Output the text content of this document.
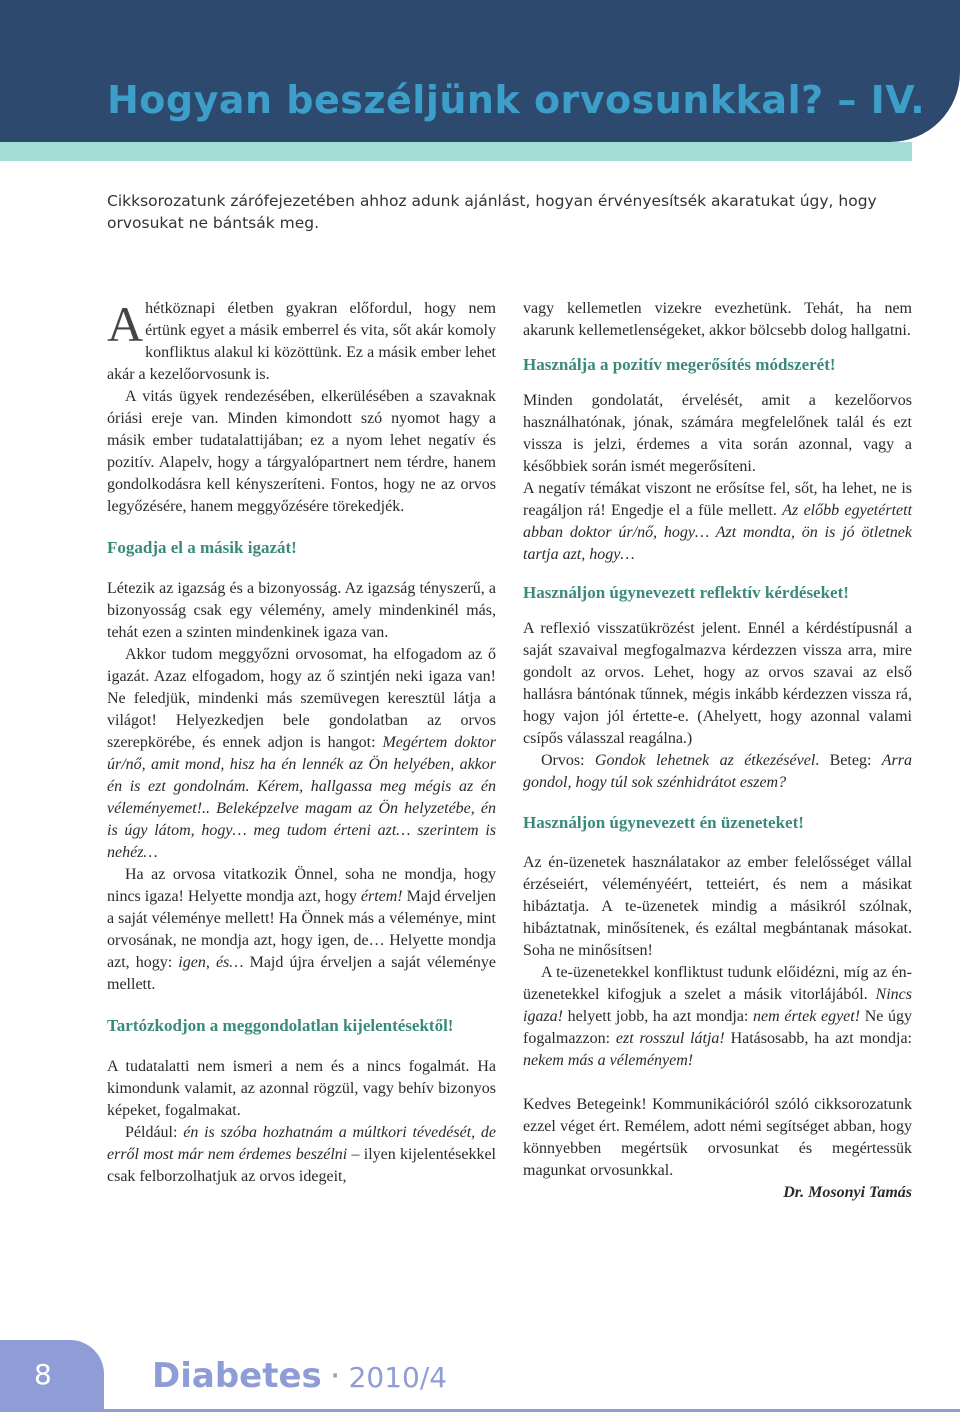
Hogyan beszéljünk orvosunkkal? – IV.

Cikksorozatunk zárófejezetében ahhoz adunk ajánlást, hogyan érvényesítsék akaratukat úgy, hogy orvosukat ne bántsák meg.

Ahétköznapi életben gyakran előfordul, hogy nem értünk egyet a másik emberrel és vita, sőt akár komoly konfliktus alakul ki közöttünk. Ez a másik ember lehet akár a kezelőorvosunk is.

A vitás ügyek rendezésében, elkerülésében a szavaknak óriási ereje van. Minden kimondott szó nyomot hagy a másik ember tudatalattijában; ez a nyom lehet negatív és pozitív. Alapelv, hogy a tárgyalópartnert nem térdre, hanem gondolkodásra kell kényszeríteni. Fontos, hogy ne az orvos legyőzésére, hanem meggyőzésére törekedjék.

Fogadja el a másik igazát!

Létezik az igazság és a bizonyosság. Az igazság tényszerű, a bizonyosság csak egy vélemény, amely mindenkinél más, tehát ezen a szinten mindenkinek igaza van.

Akkor tudom meggyőzni orvosomat, ha elfogadom az ő igazát. Azaz elfogadom, hogy az ő szintjén neki igaza van! Ne feledjük, mindenki más szemüvegen keresztül látja a világot! Helyezkedjen bele gondolatban az orvos szerepkörébe, és ennek adjon is hangot: Megértem doktor úr/nő, amit mond, hisz ha én lennék az Ön helyében, akkor én is ezt gondolnám. Kérem, hallgassa meg mégis az én véleményemet!.. Beleképzelve magam az Ön helyzetébe, én is úgy látom, hogy… meg tudom érteni azt… szerintem is nehéz…

Ha az orvosa vitatkozik Önnel, soha ne mondja, hogy nincs igaza! Helyette mondja azt, hogy értem! Majd érveljen a saját véleménye mellett! Ha Önnek más a véleménye, mint orvosának, ne mondja azt, hogy igen, de… Helyette mondja azt, hogy: igen, és… Majd újra érveljen a saját véleménye mellett.

Tartózkodjon a meggondolatlan kijelentésektől!

A tudatalatti nem ismeri a nem és a nincs fogalmát. Ha kimondunk valamit, az azonnal rögzül, vagy behív bizonyos képeket, fogalmakat.

Például: én is szóba hozhatnám a múltkori tévedését, de erről most már nem érdemes beszélni – ilyen kijelentésekkel csak felborzolhatjuk az orvos idegeit,

vagy kellemetlen vizekre evezhetünk. Tehát, ha nem akarunk kellemetlenségeket, akkor bölcsebb dolog hallgatni.

Használja a pozitív megerősítés módszerét!

Minden gondolatát, érvelését, amit a kezelőorvos használhatónak, jónak, számára megfelelőnek talál és ezt vissza is jelzi, érdemes a vita során azonnal, vagy a későbbiek során ismét megerősíteni.

A negatív témákat viszont ne erősítse fel, sőt, ha lehet, ne is reagáljon rá! Engedje el a füle mellett. Az előbb egyetértett abban doktor úr/nő, hogy… Azt mondta, ön is jó ötletnek tartja azt, hogy…

Használjon úgynevezett reflektív kérdéseket!

A reflexió visszatükrözést jelent. Ennél a kérdéstípusnál a saját szavaival megfogalmazva kérdezzen vissza arra, mire gondolt az orvos. Lehet, hogy az orvos szavai az első hallásra bántónak tűnnek, mégis inkább kérdezzen vissza rá, hogy vajon jól értette-e. (Ahelyett, hogy azonnal valami csípős válasszal reagálna.)

Orvos: Gondok lehetnek az étkezésével. Beteg: Arra gondol, hogy túl sok szénhidrátot eszem?

Használjon úgynevezett én üzeneteket!

Az én-üzenetek használatakor az ember felelősséget vállal érzéseiért, véleményéért, tetteiért, és nem a másikat hibáztatja. A te-üzenetek mindig a másikról szólnak, hibáztatnak, minősítenek, és ezáltal megbántanak másokat. Soha ne minősítsen!

A te-üzenetekkel konfliktust tudunk előidézni, míg az én-üzenetekkel kifogjuk a szelet a másik vitorlájából. Nincs igaza! helyett jobb, ha azt mondja: nem értek egyet! Ne úgy fogalmazzon: ezt rosszul látja! Hatásosabb, ha azt mondja: nekem más a véleményem!

Kedves Betegeink! Kommunikációról szóló cikksorozatunk ezzel véget ért. Remélem, adott némi segítséget abban, hogy könnyebben megértsük orvosunkat és megértessük magunkat orvosunkkal.

Dr. Mosonyi Tamás

8	Diabetes · 2010/4
